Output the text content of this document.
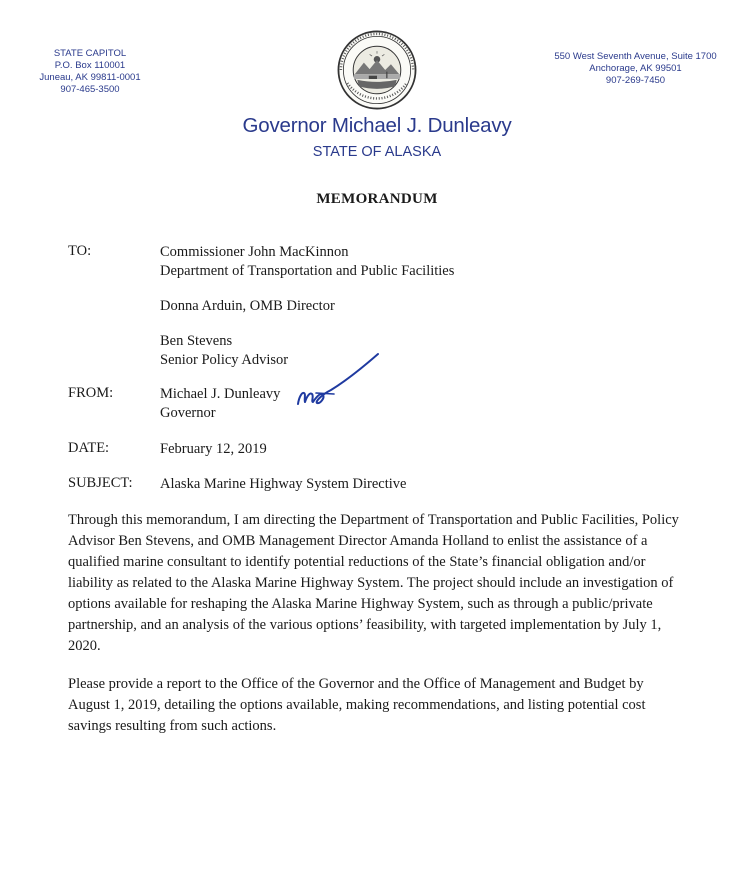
STATE CAPITOL
P.O. Box 110001
Juneau, AK 99811-0001
907-465-3500
550 West Seventh Avenue, Suite 1700
Anchorage, AK 99501
907-269-7450
Governor Michael J. Dunleavy
STATE OF ALASKA
MEMORANDUM
TO:	Commissioner John MacKinnon
Department of Transportation and Public Facilities
Donna Arduin, OMB Director
Ben Stevens
Senior Policy Advisor
FROM:	Michael J. Dunleavy
Governor
DATE:	February 12, 2019
SUBJECT: Alaska Marine Highway System Directive
Through this memorandum, I am directing the Department of Transportation and Public Facilities, Policy Advisor Ben Stevens, and OMB Management Director Amanda Holland to enlist the assistance of a qualified marine consultant to identify potential reductions of the State’s financial obligation and/or liability as related to the Alaska Marine Highway System. The project should include an investigation of options available for reshaping the Alaska Marine Highway System, such as through a public/private partnership, and an analysis of the various options’ feasibility, with targeted implementation by July 1, 2020.
Please provide a report to the Office of the Governor and the Office of Management and Budget by August 1, 2019, detailing the options available, making recommendations, and listing potential cost savings resulting from such actions.
